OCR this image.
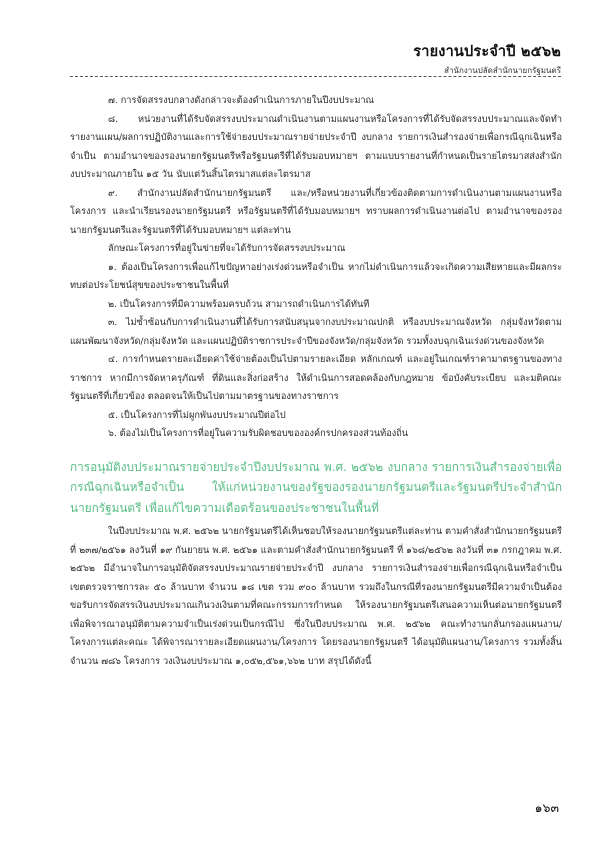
รายงานประจำปี ๒๕๖๒
สำนักงานปลัดสำนักนายกรัฐมนตรี

๗. การจัดสรรงบกลางดังกล่าวจะต้องดำเนินการภายในปีงบประมาณ

๘. หน่วยงานที่ได้รับจัดสรรงบประมาณดำเนินงานตามแผนงานหรือโครงการที่ได้รับจัดสรรงบประมาณและจัดทำรายงานแผน/ผลการปฏิบัติงานและการใช้จ่ายงบประมาณรายจ่ายประจำปี งบกลาง รายการเงินสำรองจ่ายเพื่อกรณีฉุกเฉินหรือจำเป็น ตามอำนาจของรองนายกรัฐมนตรีหรือรัฐมนตรีที่ได้รับมอบหมายฯ ตามแบบรายงานที่กำหนดเป็นรายไตรมาสส่งสำนักงบประมาณภายใน ๑๕ วัน นับแต่วันสิ้นไตรมาสแต่ละไตรมาส

๙. สำนักงานปลัดสำนักนายกรัฐมนตรี และ/หรือหน่วยงานที่เกี่ยวข้องติดตามการดำเนินงานตามแผนงานหรือโครงการ และนำเรียนรองนายกรัฐมนตรี หรือรัฐมนตรีที่ได้รับมอบหมายฯ ทราบผลการดำเนินงานต่อไป ตามอำนาจของรองนายกรัฐมนตรีและรัฐมนตรีที่ได้รับมอบหมายฯ แต่ละท่าน

ลักษณะโครงการที่อยู่ในข่ายที่จะได้รับการจัดสรรงบประมาณ

๑. ต้องเป็นโครงการเพื่อแก้ไขปัญหาอย่างเร่งด่วนหรือจำเป็น หากไม่ดำเนินการแล้วจะเกิดความเสียหายและมีผลกระทบต่อประโยชน์สุขของประชาชนในพื้นที่

๒. เป็นโครงการที่มีความพร้อมครบถ้วน สามารถดำเนินการได้ทันที

๓. ไม่ซ้ำซ้อนกับการดำเนินงานที่ได้รับการสนับสนุนจากงบประมาณปกติ หรืองบประมาณจังหวัด กลุ่มจังหวัดตามแผนพัฒนาจังหวัด/กลุ่มจังหวัด และแผนปฏิบัติราชการประจำปีของจังหวัด/กลุ่มจังหวัด รวมทั้งงบฉุกเฉินเร่งด่วนของจังหวัด

๔. การกำหนดรายละเอียดค่าใช้จ่ายต้องเป็นไปตามรายละเอียด หลักเกณฑ์ และอยู่ในเกณฑ์ราคามาตรฐานของทางราชการ หากมีการจัดหาครุภัณฑ์ ที่ดินและสิ่งก่อสร้าง ให้ดำเนินการสอดคล้องกับกฎหมาย ข้อบังคับระเบียบ และมติคณะรัฐมนตรีที่เกี่ยวข้อง ตลอดจนให้เป็นไปตามมาตรฐานของทางราชการ

๕. เป็นโครงการที่ไม่ผูกพันงบประมาณปีต่อไป

๖. ต้องไม่เป็นโครงการที่อยู่ในความรับผิดชอบขององค์กรปกครองส่วนท้องถิ่น

การอนุมัติงบประมาณรายจ่ายประจำปีงบประมาณ พ.ศ. ๒๕๖๒ งบกลาง รายการเงินสำรองจ่ายเพื่อกรณีฉุกเฉินหรือจำเป็น ให้แก่หน่วยงานของรัฐของรองนายกรัฐมนตรีและรัฐมนตรีประจำสำนักนายกรัฐมนตรี เพื่อแก้ไขความเดือดร้อนของประชาชนในพื้นที่

ในปีงบประมาณ พ.ศ. ๒๕๖๒ นายกรัฐมนตรีได้เห็นชอบให้รองนายกรัฐมนตรีแต่ละท่าน ตามคำสั่งสำนักนายกรัฐมนตรี ที่ ๒๓๗/๒๕๖๑ ลงวันที่ ๑๙ กันยายน พ.ศ. ๒๕๖๑ และตามคำสั่งสำนักนายกรัฐมนตรี ที่ ๑๖๘/๒๕๖๒ ลงวันที่ ๓๑ กรกฎาคม พ.ศ. ๒๕๖๒ มีอำนาจในการอนุมัติจัดสรรงบประมาณรายจ่ายประจำปี งบกลาง รายการเงินสำรองจ่ายเพื่อกรณีฉุกเฉินหรือจำเป็น เขตตรวจราชการละ ๕๐ ล้านบาท จำนวน ๑๘ เขต รวม ๙๐๐ ล้านบาท รวมถึงในกรณีที่รองนายกรัฐมนตรีมีความจำเป็นต้องขอรับการจัดสรรเงินงบประมาณเกินวงเงินตามที่คณะกรรมการกำหนด ให้รองนายกรัฐมนตรีเสนอความเห็นต่อนายกรัฐมนตรีเพื่อพิจารณาอนุมัติตามความจำเป็นเร่งด่วนเป็นกรณีไป ซึ่งในปีงบประมาณ พ.ศ. ๒๕๖๒ คณะทำงานกลั่นกรองแผนงาน/โครงการแต่ละคณะ ได้พิจารณารายละเอียดแผนงาน/โครงการ โดยรองนายกรัฐมนตรี ได้อนุมัติแผนงาน/โครงการ รวมทั้งสิ้นจำนวน ๗๘๖ โครงการ วงเงินงบประมาณ ๑,๐๕๒,๕๖๑,๖๖๒ บาท สรุปได้ดังนี้

๑๖๓
